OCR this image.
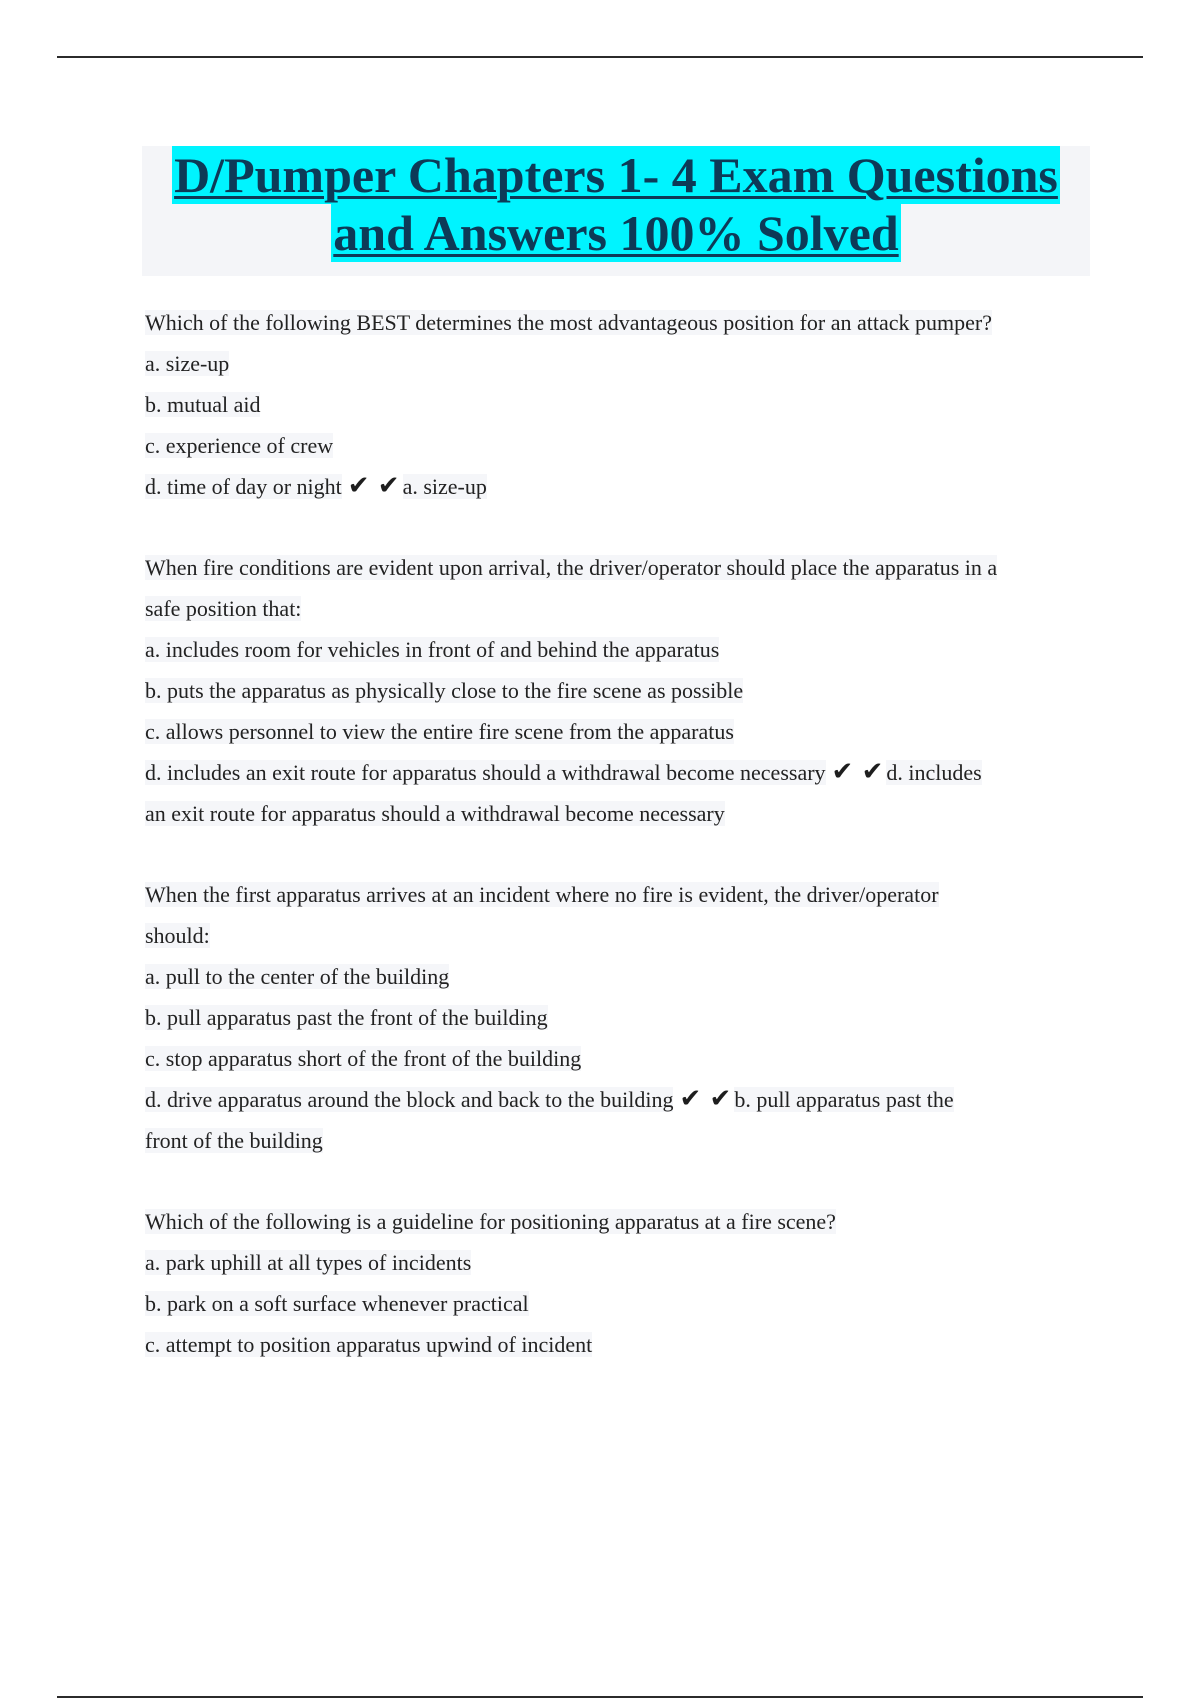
D/Pumper Chapters 1- 4 Exam Questions
and Answers 100% Solved
Which of the following BEST determines the most advantageous position for an attack pumper?
a. size-up
b. mutual aid
c. experience of crew
d. time of day or night ✔ ✔ a. size-up
When fire conditions are evident upon arrival, the driver/operator should place the apparatus in a
safe position that:
a. includes room for vehicles in front of and behind the apparatus
b. puts the apparatus as physically close to the fire scene as possible
c. allows personnel to view the entire fire scene from the apparatus
d. includes an exit route for apparatus should a withdrawal become necessary ✔ ✔ d. includes
an exit route for apparatus should a withdrawal become necessary
When the first apparatus arrives at an incident where no fire is evident, the driver/operator
should:
a. pull to the center of the building
b. pull apparatus past the front of the building
c. stop apparatus short of the front of the building
d. drive apparatus around the block and back to the building ✔ ✔ b. pull apparatus past the
front of the building
Which of the following is a guideline for positioning apparatus at a fire scene?
a. park uphill at all types of incidents
b. park on a soft surface whenever practical
c. attempt to position apparatus upwind of incident
